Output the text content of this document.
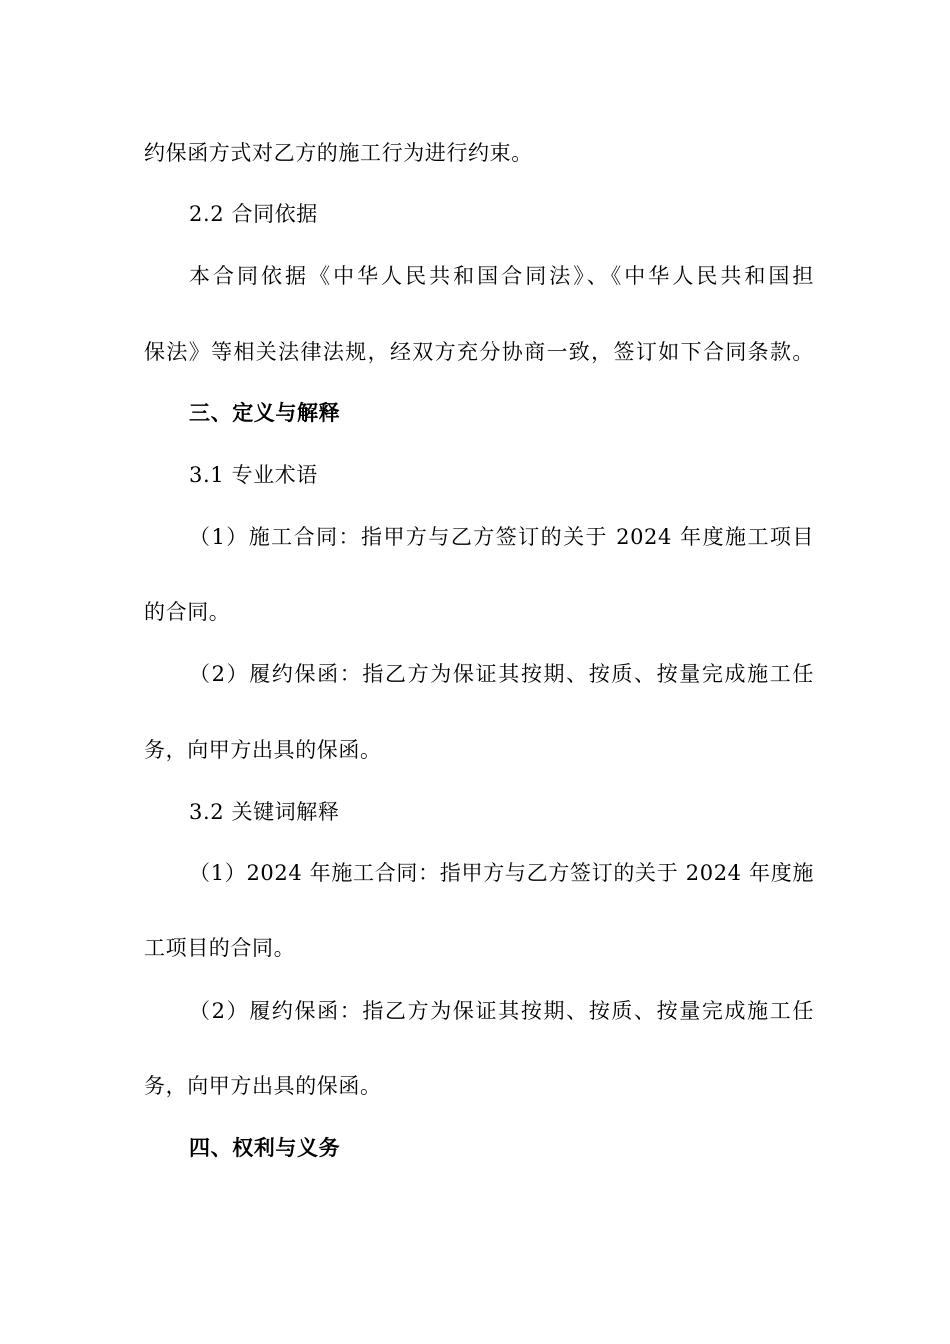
约保函方式对乙方的施工行为进行约束。
2.2 合同依据
本合同依据《中华人民共和国合同法》、《中华人民共和国担
保法》等相关法律法规，经双方充分协商一致，签订如下合同条款。
三、定义与解释
3.1 专业术语
（1）施工合同：指甲方与乙方签订的关于 2024 年度施工项目
的合同。
（2）履约保函：指乙方为保证其按期、按质、按量完成施工任
务，向甲方出具的保函。
3.2 关键词解释
（1）2024 年施工合同：指甲方与乙方签订的关于 2024 年度施
工项目的合同。
（2）履约保函：指乙方为保证其按期、按质、按量完成施工任
务，向甲方出具的保函。
四、权利与义务
